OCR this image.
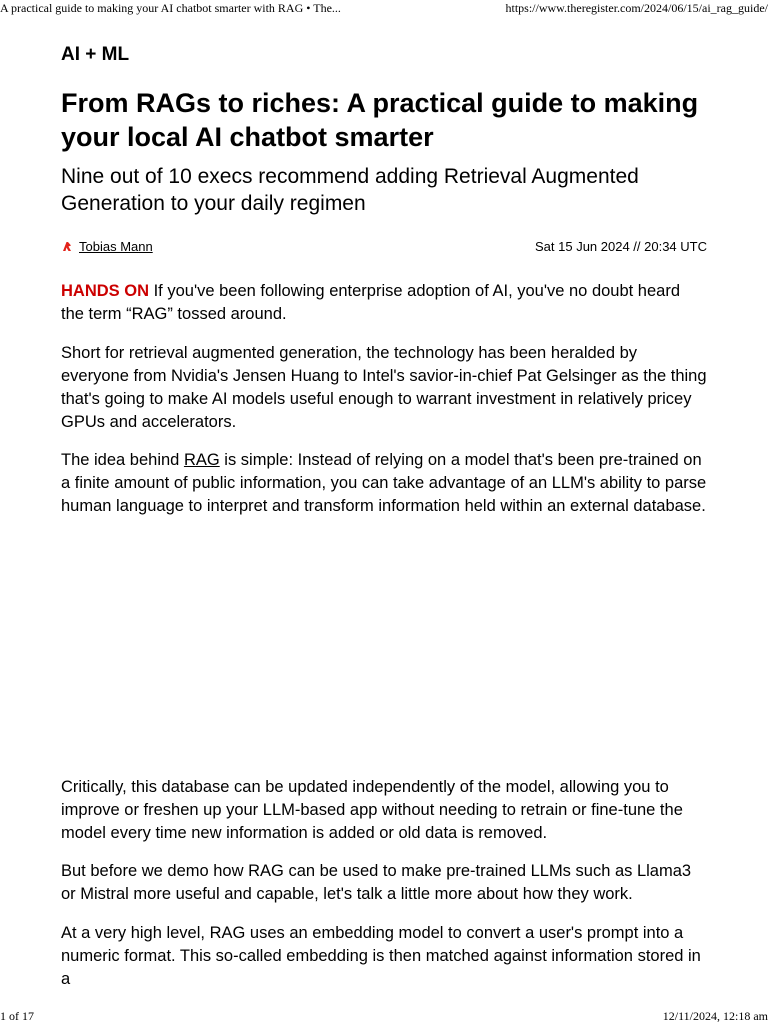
A practical guide to making your AI chatbot smarter with RAG • The...	https://www.theregister.com/2024/06/15/ai_rag_guide/
AI + ML
From RAGs to riches: A practical guide to making your local AI chatbot smarter
Nine out of 10 execs recommend adding Retrieval Augmented Generation to your daily regimen
Tobias Mann	Sat 15 Jun 2024 // 20:34 UTC

HANDS ON If you've been following enterprise adoption of AI, you've no doubt heard the term “RAG” tossed around.

Short for retrieval augmented generation, the technology has been heralded by everyone from Nvidia's Jensen Huang to Intel's savior-in-chief Pat Gelsinger as the thing that's going to make AI models useful enough to warrant investment in relatively pricey GPUs and accelerators.

The idea behind RAG is simple: Instead of relying on a model that's been pre-trained on a finite amount of public information, you can take advantage of an LLM's ability to parse human language to interpret and transform information held within an external database.

Critically, this database can be updated independently of the model, allowing you to improve or freshen up your LLM-based app without needing to retrain or fine-tune the model every time new information is added or old data is removed.

But before we demo how RAG can be used to make pre-trained LLMs such as Llama3 or Mistral more useful and capable, let's talk a little more about how they work.

At a very high level, RAG uses an embedding model to convert a user's prompt into a numeric format. This so-called embedding is then matched against information stored in a

1 of 17	12/11/2024, 12:18 am
